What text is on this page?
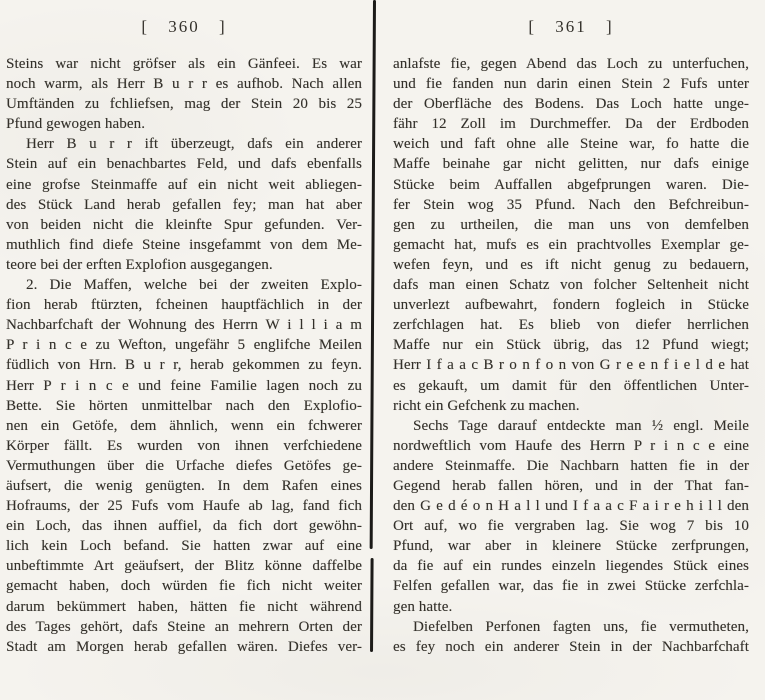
[ 360 ]
Steins war nicht gröfser als ein Gänfeei. Es war
noch warm, als Herr B u r r es aufhob. Nach allen
Umftänden zu fchliefsen, mag der Stein 20 bis 25
Pfund gewogen haben.
Herr B u r r ift überzeugt, dafs ein anderer
Stein auf ein benachbartes Feld, und dafs ebenfalls
eine grofse Steinmaffe auf ein nicht weit abliegen-
des Stück Land herab gefallen fey; man hat aber
von beiden nicht die kleinfte Spur gefunden. Ver-
muthlich find diefe Steine insgefammt von dem Me-
teore bei der erften Explofion ausgegangen.
2. Die Maffen, welche bei der zweiten Explo-
fion herab ftürzten, fcheinen hauptfächlich in der
Nachbarfchaft der Wohnung des Herrn W i l l i a m
P r i n c e zu Wefton, ungefähr 5 englifche Meilen
füdlich von Hrn. B u r r, herab gekommen zu feyn.
Herr P r i n c e und feine Familie lagen noch zu
Bette. Sie hörten unmittelbar nach den Explofio-
nen ein Getöfe, dem ähnlich, wenn ein fchwerer
Körper fällt. Es wurden von ihnen verfchiedene
Vermuthungen über die Urfache diefes Getöfes ge-
äufsert, die wenig genügten. In dem Rafen eines
Hofraums, der 25 Fufs vom Haufe ab lag, fand fich
ein Loch, das ihnen auffiel, da fich dort gewöhn-
lich kein Loch befand. Sie hatten zwar auf eine
unbeftimmte Art geäufsert, der Blitz könne daffelbe
gemacht haben, doch würden fie fich nicht weiter
darum bekümmert haben, hätten fie nicht während
des Tages gehört, dafs Steine an mehrern Orten der
Stadt am Morgen herab gefallen wären. Diefes ver-
[ 361 ]
anlafste fie, gegen Abend das Loch zu unterfuchen,
und fie fanden nun darin einen Stein 2 Fufs unter
der Oberfläche des Bodens. Das Loch hatte unge-
fähr 12 Zoll im Durchmeffer. Da der Erdboden
weich und faft ohne alle Steine war, fo hatte die
Maffe beinahe gar nicht gelitten, nur dafs einige
Stücke beim Auffallen abgefprungen waren. Die-
fer Stein wog 35 Pfund. Nach den Befchreibun-
gen zu urtheilen, die man uns von demfelben
gemacht hat, mufs es ein prachtvolles Exemplar ge-
wefen feyn, und es ift nicht genug zu bedauern,
dafs man einen Schatz von folcher Seltenheit nicht
unverlezt aufbewahrt, fondern fogleich in Stücke
zerfchlagen hat. Es blieb von diefer herrlichen
Maffe nur ein Stück übrig, das 12 Pfund wiegt;
Herr I f a a c B r o n f o n von G r e e n f i e l d e hat
es gekauft, um damit für den öffentlichen Unter-
richt ein Gefchenk zu machen.
Sechs Tage darauf entdeckte man ½ engl. Meile
nordweftlich vom Haufe des Herrn P r i n c e eine
andere Steinmaffe. Die Nachbarn hatten fie in der
Gegend herab fallen hören, und in der That fan-
den G e d é o n H a l l und I f a a c F a i r e h i l l den
Ort auf, wo fie vergraben lag. Sie wog 7 bis 10
Pfund, war aber in kleinere Stücke zerfprungen,
da fie auf ein rundes einzeln liegendes Stück eines
Felfen gefallen war, das fie in zwei Stücke zerfchla-
gen hatte.
Diefelben Perfonen fagten uns, fie vermutheten,
es fey noch ein anderer Stein in der Nachbarfchaft
